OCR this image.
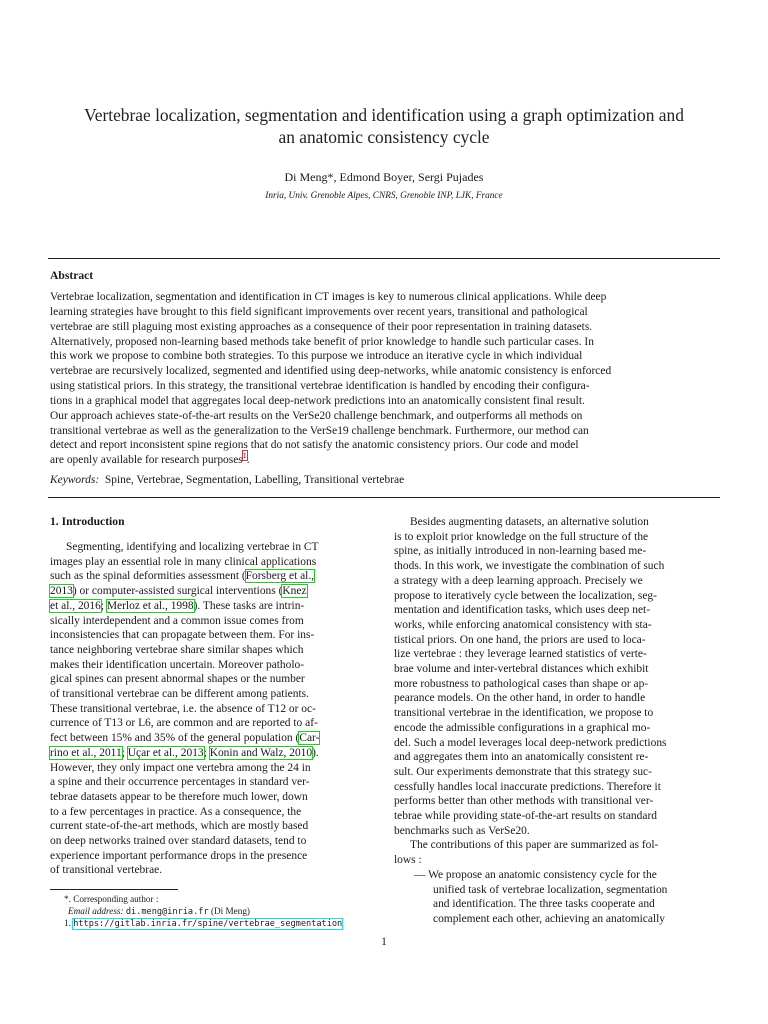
Vertebrae localization, segmentation and identification using a graph optimization and
an anatomic consistency cycle
Di Meng*, Edmond Boyer, Sergi Pujades
Inria, Univ. Grenoble Alpes, CNRS, Grenoble INP, LJK, France
Abstract
Vertebrae localization, segmentation and identification in CT images is key to numerous clinical applications. While deep
learning strategies have brought to this field significant improvements over recent years, transitional and pathological
vertebrae are still plaguing most existing approaches as a consequence of their poor representation in training datasets.
Alternatively, proposed non-learning based methods take benefit of prior knowledge to handle such particular cases. In
this work we propose to combine both strategies. To this purpose we introduce an iterative cycle in which individual
vertebrae are recursively localized, segmented and identified using deep-networks, while anatomic consistency is enforced
using statistical priors. In this strategy, the transitional vertebrae identification is handled by encoding their configura-
tions in a graphical model that aggregates local deep-network predictions into an anatomically consistent final result.
Our approach achieves state-of-the-art results on the VerSe20 challenge benchmark, and outperforms all methods on
transitional vertebrae as well as the generalization to the VerSe19 challenge benchmark. Furthermore, our method can
detect and report inconsistent spine regions that do not satisfy the anatomic consistency priors. Our code and model
are openly available for research purposes$^1$.
Keywords: Spine, Vertebrae, Segmentation, Labelling, Transitional vertebrae
1. Introduction
Segmenting, identifying and localizing vertebrae in CT
images play an essential role in many clinical applications
such as the spinal deformities assessment (Forsberg et al.,
2013) or computer-assisted surgical interventions (Knez
et al., 2016; Merloz et al., 1998). These tasks are intrin-
sically interdependent and a common issue comes from
inconsistencies that can propagate between them. For ins-
tance neighboring vertebrae share similar shapes which
makes their identification uncertain. Moreover patholo-
gical spines can present abnormal shapes or the number
of transitional vertebrae can be different among patients.
These transitional vertebrae, i.e. the absence of T12 or oc-
currence of T13 or L6, are common and are reported to af-
fect between 15% and 35% of the general population (Car-
rino et al., 2011; Uçar et al., 2013; Konin and Walz, 2010).
However, they only impact one vertebra among the 24 in
a spine and their occurrence percentages in standard ver-
tebrae datasets appear to be therefore much lower, down
to a few percentages in practice. As a consequence, the
current state-of-the-art methods, which are mostly based
on deep networks trained over standard datasets, tend to
experience important performance drops in the presence
of transitional vertebrae.
Besides augmenting datasets, an alternative solution
is to exploit prior knowledge on the full structure of the
spine, as initially introduced in non-learning based me-
thods. In this work, we investigate the combination of such
a strategy with a deep learning approach. Precisely we
propose to iteratively cycle between the localization, seg-
mentation and identification tasks, which uses deep net-
works, while enforcing anatomical consistency with sta-
tistical priors. On one hand, the priors are used to loca-
lize vertebrae : they leverage learned statistics of verte-
brae volume and inter-vertebral distances which exhibit
more robustness to pathological cases than shape or ap-
pearance models. On the other hand, in order to handle
transitional vertebrae in the identification, we propose to
encode the admissible configurations in a graphical mo-
del. Such a model leverages local deep-network predictions
and aggregates them into an anatomically consistent re-
sult. Our experiments demonstrate that this strategy suc-
cessfully handles local inaccurate predictions. Therefore it
performs better than other methods with transitional ver-
tebrae while providing state-of-the-art results on standard
benchmarks such as VerSe20.
The contributions of this paper are summarized as fol-
lows :
— We propose an anatomic consistency cycle for the
unified task of vertebrae localization, segmentation
and identification. The three tasks cooperate and
complement each other, achieving an anatomically
*. Corresponding author :
Email address: di.meng@inria.fr (Di Meng)
1. https://gitlab.inria.fr/spine/vertebrae_segmentation
1
